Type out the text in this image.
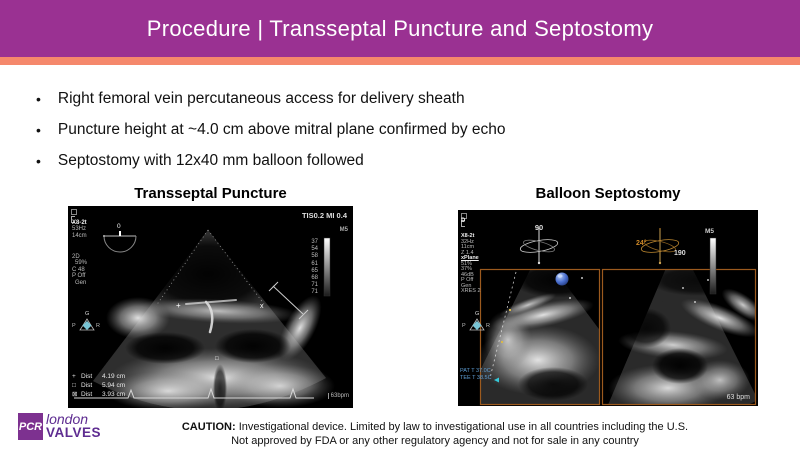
Procedure | Transseptal Puncture and Septostomy
• Right femoral vein percutaneous access for delivery sheath
• Puncture height at ~4.0 cm above mitral plane confirmed by echo
• Septostomy with 12x40 mm balloon followed
Transseptal Puncture	Balloon Septostomy
+	x
□
TIS0.2 MI 0.4
M5
X8-2t
53Hz
14cm
2D
59%
C 48
P Off
Gen
0
37
54
58
61
65
68
71
71
G
P	R
+ Dist	4.19 cm
□ Dist	5.94 cm
⊠ Dist	3.93 cm	63bpm
D
X8-2t
32Hz
11cm
Z 1.4
xPlane
51%
37%
46dB
P Off
Gen
XRES 2
90
24°
190
M5
G
P	R
PAT T 37.0C
TEE T 38.5C
63 bpm
PCR london
VALVES	CAUTION: Investigational device. Limited by law to investigational use in all countries including the U.S.
Not approved by FDA or any other regulatory agency and not for sale in any country
